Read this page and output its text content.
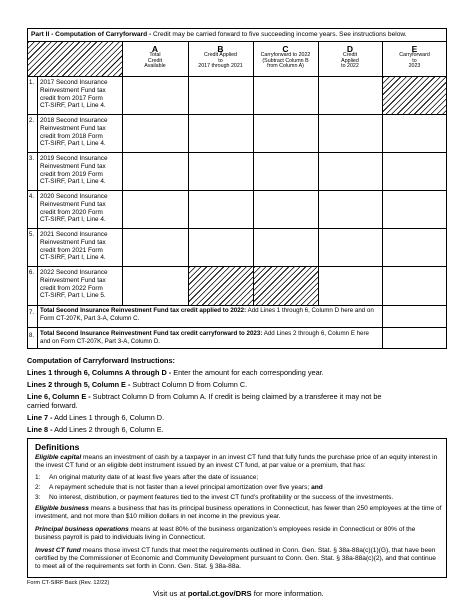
Part II - Computation of Carryforward - Credit may be carried forward to five succeeding income years. See instructions below.
A
Total
Credit
Available
B
Credit Applied
to
2017 through 2021
C
Carryforward to 2022
(Subtract Column B
from Column A)
D
Credit
Applied
to 2022
E
Carryforward
to
2023
1. 2017 Second Insurance
Reinvestment Fund tax
credit from 2017 Form
CT-SIRF, Part I, Line 4.
2. 2018 Second Insurance
Reinvestment Fund tax
credit from 2018 Form
CT-SIRF, Part I, Line 4.
3. 2019 Second Insurance
Reinvestment Fund tax
credit from 2019 Form
CT-SIRF, Part I, Line 4.
4. 2020 Second Insurance
Reinvestment Fund tax
credit from 2020 Form
CT-SIRF, Part I, Line 4.
5. 2021 Second Insurance
Reinvestment Fund tax
credit from 2021 Form
CT-SIRF, Part I, Line 4.
6. 2022 Second Insurance
Reinvestment Fund tax
credit from 2022 Form
CT-SIRF, Part I, Line 5.
7. Total Second Insurance Reinvestment Fund tax credit applied to 2022: Add Lines 1 through 6, Column D here and on Form CT-207K, Part 3-A, Column C.
8. Total Second Insurance Reinvestment Fund tax credit carryforward to 2023: Add Lines 2 through 6, Column E here and on Form CT-207K, Part 3-A, Column D.
Computation of Carryforward Instructions:
Lines 1 through 6, Columns A through D - Enter the amount for each corresponding year.
Lines 2 through 5, Column E - Subtract Column D from Column C.
Line 6, Column E - Subtract Column D from Column A. If credit is being claimed by a transferee it may not be
carried forward.
Line 7 - Add Lines 1 through 6, Column D.
Line 8 - Add Lines 2 through 6, Column E.
Definitions
Eligible capital means an investment of cash by a taxpayer in an invest CT fund that fully funds the purchase price of an equity interest in the invest CT fund or an eligible debt instrument issued by an invest CT fund, at par value or a premium, that has:
1: An original maturity date of at least five years after the date of issuance;
2: A repayment schedule that is not faster than a level principal amortization over five years; and
3: No interest, distribution, or payment features tied to the invest CT fund’s profitability or the success of the investments.
Eligible business means a business that has its principal business operations in Connecticut, has fewer than 250 employees at the time of investment, and not more than $10 million dollars in net income in the previous year.
Principal business operations means at least 80% of the business organization’s employees reside in Connecticut or 80% of the business payroll is paid to individuals living in Connecticut.
Invest CT fund means those invest CT funds that meet the requirements outlined in Conn. Gen. Stat. § 38a-88a(c)(1)(G), that have been certified by the Commissioner of Economic and Community Development pursuant to Conn. Gen. Stat. § 38a-88a(c)(2), and that continue to meet all of the requirements set forth in Conn. Gen. Stat. § 38a-88a.
Form CT-SIRF Back (Rev. 12/22)
Visit us at portal.ct.gov/DRS for more information.
